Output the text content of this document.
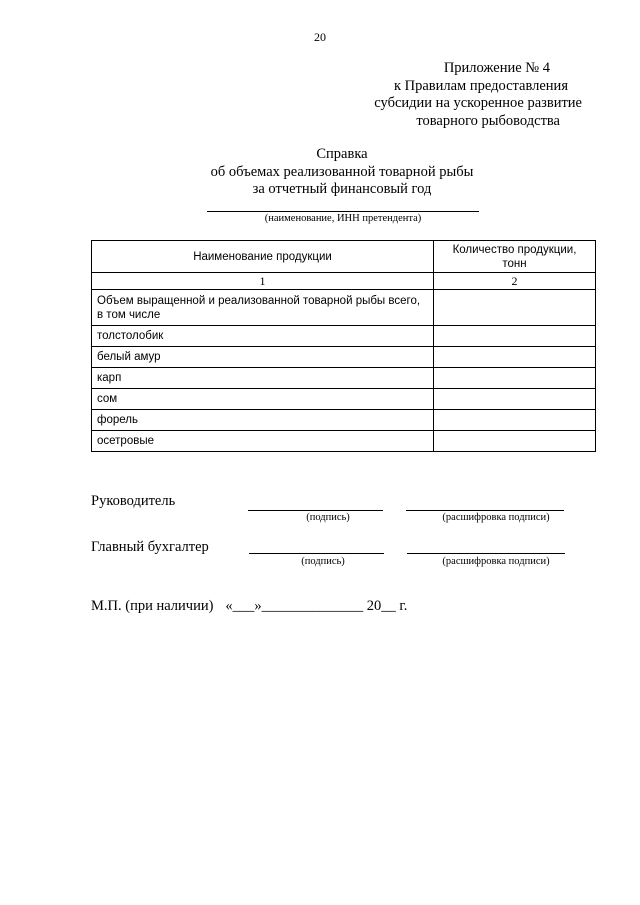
20
Приложение № 4
к Правилам предоставления
субсидии на ускоренное развитие
товарного рыбоводства
Справка
об объемах реализованной товарной рыбы
за отчетный финансовый год
(наименование, ИНН претендента)
Наименование продукции	Количество продукции, тонн
1	2
Объем выращенной и реализованной товарной рыбы всего, в том числе	
толстолобик	
белый амур	
карп	
сом	
форель	
осетровые	
Руководитель
(подпись)	(расшифровка подписи)
Главный бухгалтер
(подпись)	(расшифровка подписи)
М.П. (при наличии) «___»______________ 20__ г.
